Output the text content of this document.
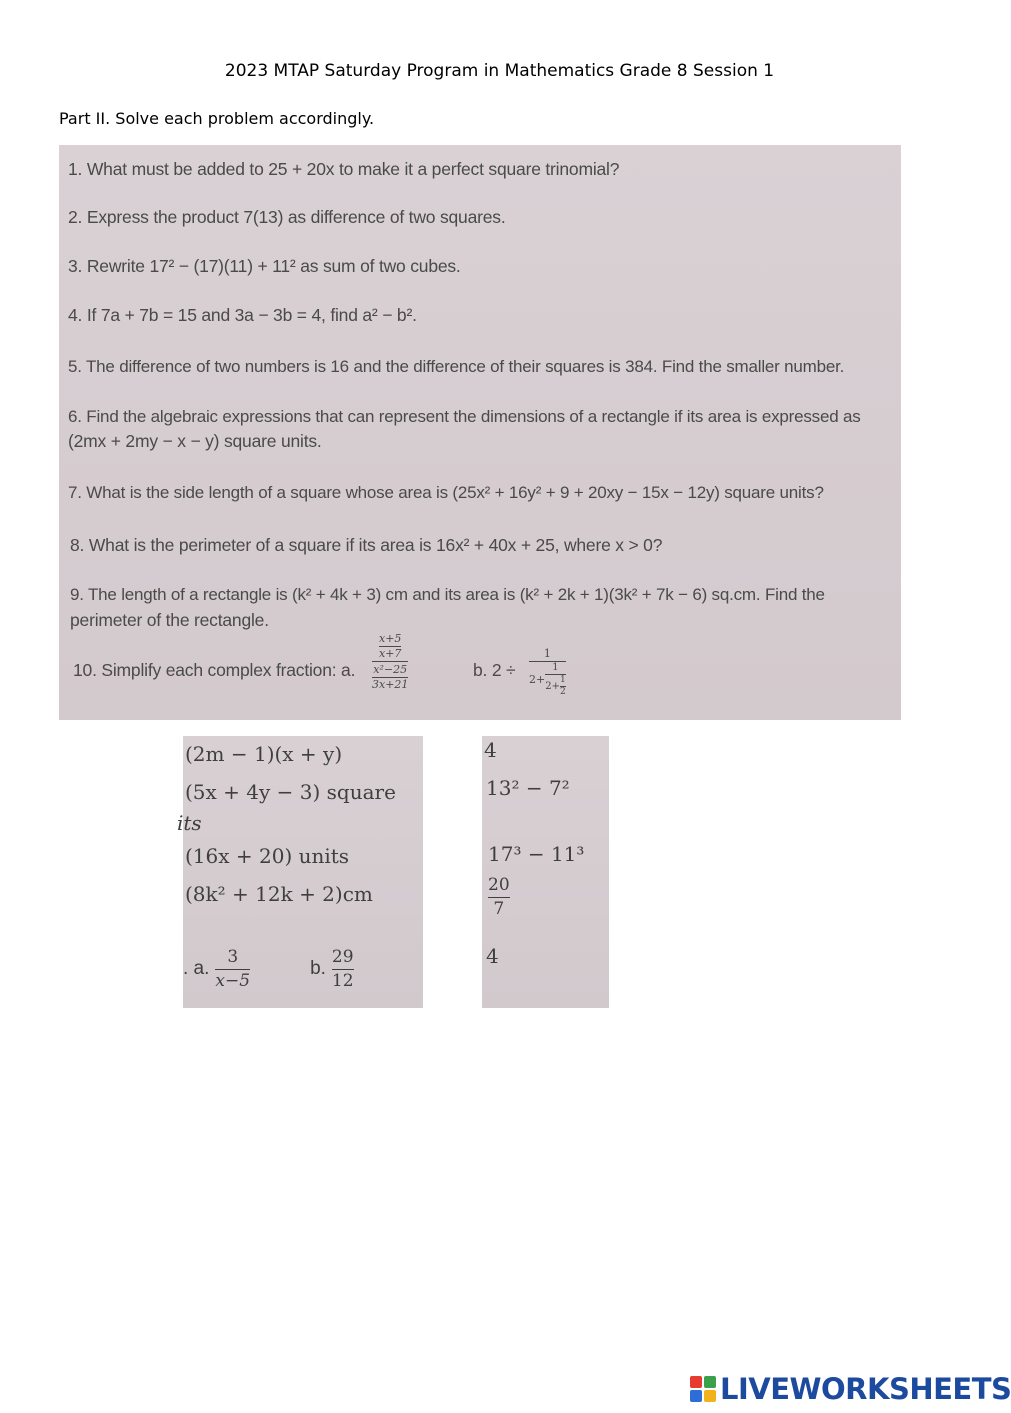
2023 MTAP Saturday Program in Mathematics Grade 8 Session 1
Part II. Solve each problem accordingly.
1. What must be added to 25 + 20x to make it a perfect square trinomial?
2. Express the product 7(13) as difference of two squares.
3. Rewrite 17² − (17)(11) + 11² as sum of two cubes.
4. If 7a + 7b = 15 and 3a − 3b = 4, find a² − b².
5. The difference of two numbers is 16 and the difference of their squares is 384. Find the smaller number.
6. Find the algebraic expressions that can represent the dimensions of a rectangle if its area is expressed as
(2mx + 2my − x − y) square units.
7. What is the side length of a square whose area is (25x² + 16y² + 9 + 20xy − 15x − 12y) square units?
8. What is the perimeter of a square if its area is 16x² + 40x + 25, where x > 0?
9. The length of a rectangle is (k² + 4k + 3) cm and its area is (k² + 2k + 1)(3k² + 7k − 6) sq.cm. Find the
perimeter of the rectangle.
10. Simplify each complex fraction: a. $\frac{\frac{x+5}{x+7}}{\frac{\text{x²−25}}{3x+21}}$	b. 2 ÷
1
2+
1
$2+ \frac{1}{2}$
(2m − 1)(x + y)
(5x + 4y − 3) square
its
(16x + 20) units
(8k² + 12k + 2)cm
. a.
3
x−5
b.
29
12
4
13² − 7²
17³ − 11³
$\frac{20}{7}$
4
LIVEWORKSHEETS
